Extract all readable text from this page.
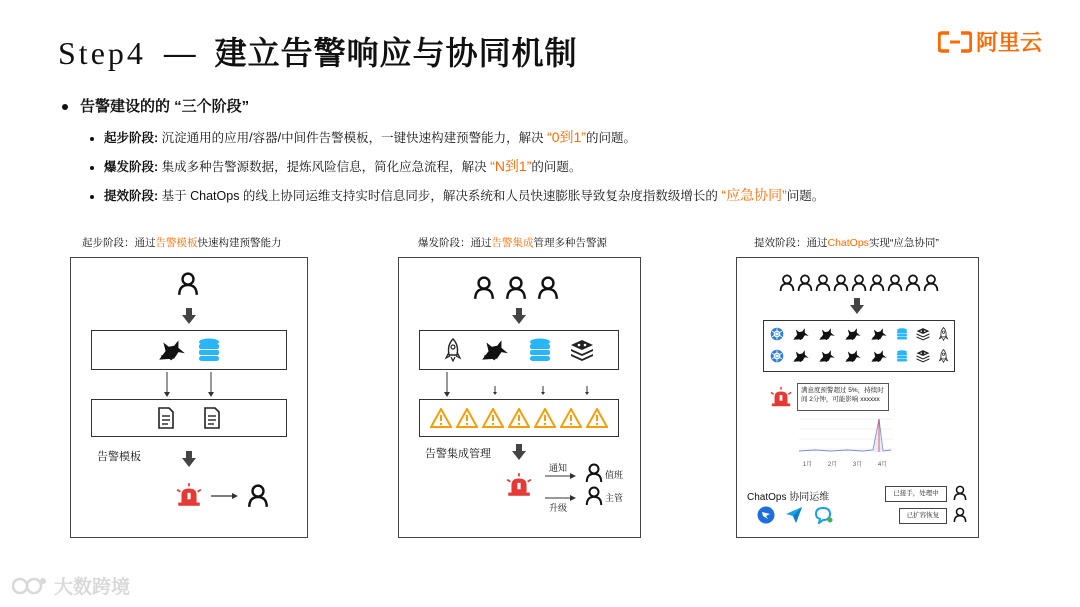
Step4 — 建立告警响应与协同机制	阿里云
告警建设的的 “三个阶段”
起步阶段: 沉淀通用的应用/容器/中间件告警模板，一键快速构建预警能力，解决 “0到1”的问题。
爆发阶段: 集成多种告警源数据，提炼风险信息，简化应急流程，解决 “N到1”的问题。
提效阶段: 基于 ChatOps 的线上协同运维支持实时信息同步，解决系统和人员快速膨胀导致复杂度指数级增长的 “应急协同”问题。
起步阶段：通过告警模板快速构建预警能力
告警模板
爆发阶段：通过告警集成管理多种告警源
告警集成管理
通知
值班
升级
主管
提效阶段：通过ChatOps实现“应急协同”
满意度预警超过 5%，持续时间 2分钟，可能影响 xxxxxx
1月	2月	3月	4月
ChatOps 协同运维	已接手，处理中
已扩容恢复
大数跨境
